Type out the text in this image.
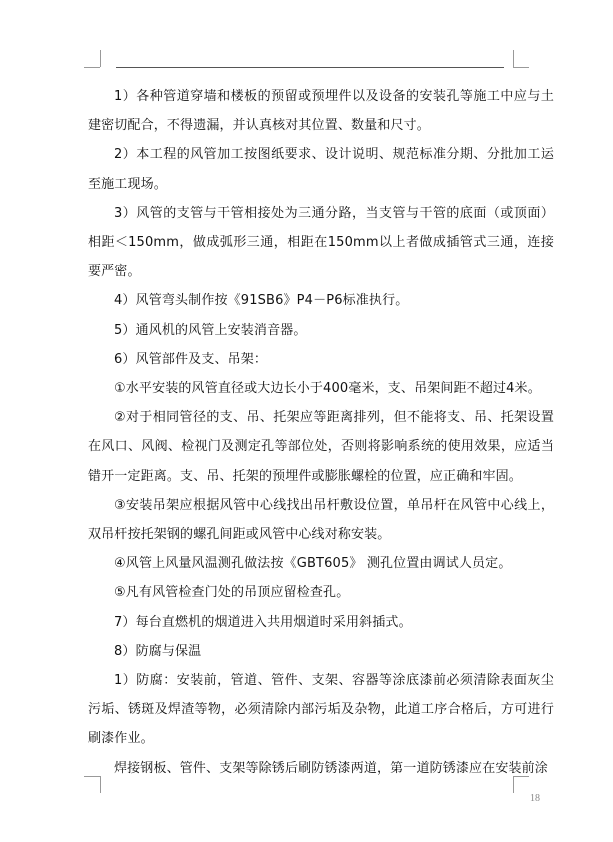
1）各种管道穿墙和楼板的预留或预埋件以及设备的安装孔等施工中应与土建密切配合，不得遗漏，并认真核对其位置、数量和尺寸。

2）本工程的风管加工按图纸要求、设计说明、规范标准分期、分批加工运至施工现场。

3）风管的支管与干管相接处为三通分路，当支管与干管的底面（或顶面）相距＜150mm，做成弧形三通，相距在150mm以上者做成插管式三通，连接要严密。

4）风管弯头制作按《91SB6》P4－P6标准执行。

5）通风机的风管上安装消音器。

6）风管部件及支、吊架：

①水平安装的风管直径或大边长小于400毫米，支、吊架间距不超过4米。

②对于相同管径的支、吊、托架应等距离排列，但不能将支、吊、托架设置在风口、风阀、检视门及测定孔等部位处，否则将影响系统的使用效果，应适当错开一定距离。支、吊、托架的预埋件或膨胀螺栓的位置，应正确和牢固。

③安装吊架应根据风管中心线找出吊杆敷设位置，单吊杆在风管中心线上，双吊杆按托架钢的螺孔间距或风管中心线对称安装。

④风管上风量风温测孔做法按《GBT605》 测孔位置由调试人员定。

⑤凡有风管检查门处的吊顶应留检查孔。

7）每台直燃机的烟道进入共用烟道时采用斜插式。

8）防腐与保温

1）防腐：安装前，管道、管件、支架、容器等涂底漆前必须清除表面灰尘污垢、锈斑及焊渣等物，必须清除内部污垢及杂物，此道工序合格后，方可进行刷漆作业。

焊接钢板、管件、支架等除锈后刷防锈漆两道，第一道防锈漆应在安装前涂

18
